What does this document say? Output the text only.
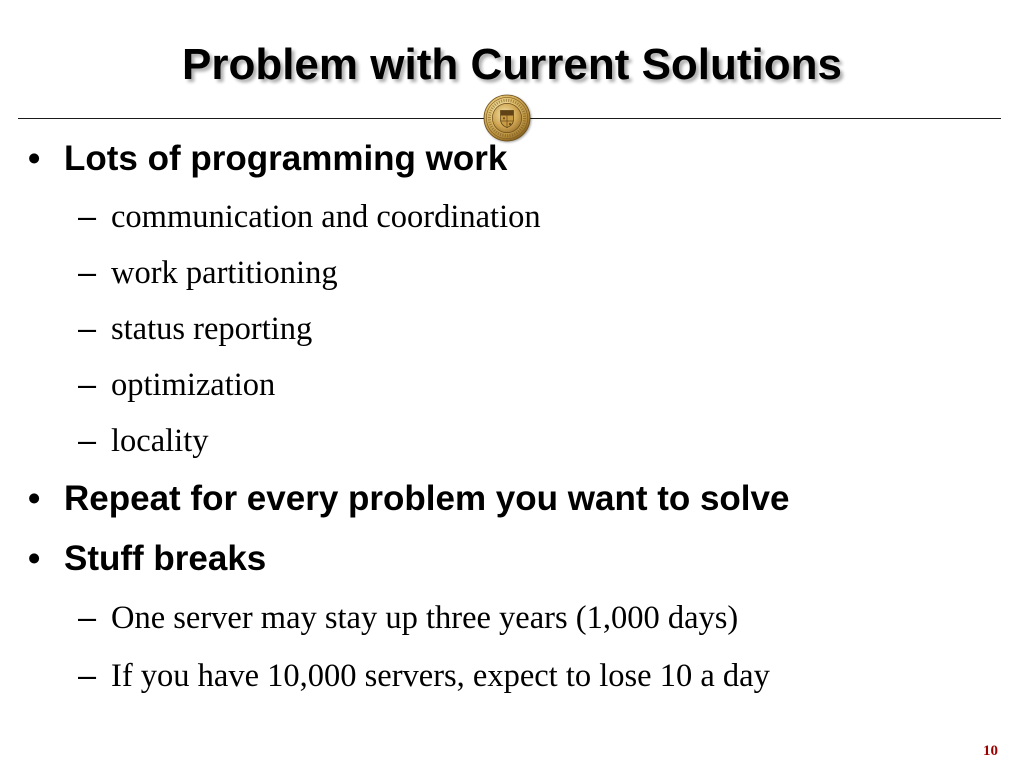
Problem with Current Solutions
• Lots of programming work
– communication and coordination
– work partitioning
– status reporting
– optimization
– locality
• Repeat for every problem you want to solve
• Stuff breaks
– One server may stay up three years (1,000 days)
– If you have 10,000 servers, expect to lose 10 a day
10
